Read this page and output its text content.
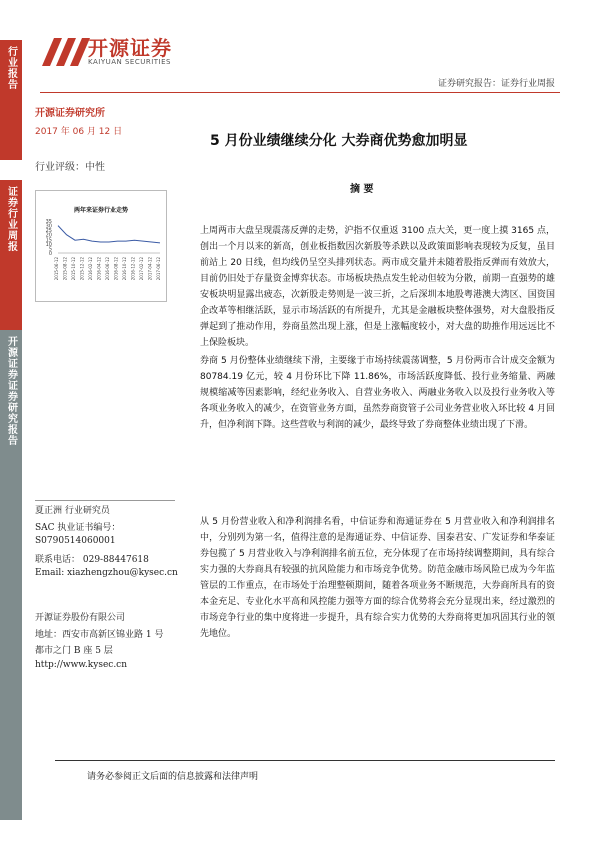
行业报告
证券行业周报
开源证券证券研究报告
开源证券
KAIYUAN SECURITIES
证券研究报告：证券行业周报
开源证券研究所
2017 年 06 月 12 日
行业评级：中性
5 月份业绩继续分化 大券商优势愈加明显
摘 要
两年来证券行业走势
35
30
25
20
15
10
5
0
2015-06-12 2015-08-12 2015-10-12 2015-12-12 2016-02-12 2016-04-12 2016-06-12 2016-08-12 2016-10-12 2016-12-12 2017-02-12 2017-04-12 2017-06-12
上周两市大盘呈现震荡反弹的走势，沪指不仅重返 3100 点大关，更一度上摸 3165 点，创出一个月以来的新高，创业板指数因次新股等杀跌以及政策面影响表现较为反复，虽目前站上 20 日线，但均线仍呈空头排列状态。两市成交量并未随着股指反弹而有效放大，目前仍旧处于存量资金博弈状态。市场板块热点发生轮动但较为分散，前期一直强势的雄安板块明显露出疲态，次新股走势则是一波三折，之后深圳本地股粤港澳大湾区、国资国企改革等相继活跃，显示市场活跃的有所提升，尤其是金融板块整体强势，对大盘股指反弹起到了推动作用，券商虽然出现上涨，但是上涨幅度较小，对大盘的助推作用远远比不上保险板块。
券商 5 月份整体业绩继续下滑，主要缘于市场持续震荡调整，5 月份两市合计成交金额为 80784.19 亿元，较 4 月份环比下降 11.86%，市场活跃度降低、投行业务缩量、两融规模缩减等因素影响，经纪业务收入、自营业务收入、两融业务收入以及投行业务收入等各项业务收入的减少，在资管业务方面，虽然券商资管子公司业务营业收入环比较 4 月回升，但净利润下降。这些营收与利润的减少，最终导致了券商整体业绩出现了下滑。
从 5 月份营业收入和净利润排名看，中信证券和海通证券在 5 月营业收入和净利润排名中，分别列为第一名，值得注意的是海通证券、中信证券、国泰君安、广发证券和华泰证券包揽了 5 月营业收入与净利润排名前五位，充分体现了在市场持续调整期间，具有综合实力强的大券商具有较强的抗风险能力和市场竞争优势。防范金融市场风险已成为今年监管层的工作重点，在市场处于治理整顿期间，随着各项业务不断规范，大券商所具有的资本金充足、专业化水平高和风控能力强等方面的综合优势将会充分显现出来，经过激烈的市场竞争行业的集中度将进一步提升，具有综合实力优势的大券商将更加巩固其行业的领先地位。
夏正洲 行业研究员
SAC 执业证书编号：
S0790514060001
联系电话： 029-88447618
Email: xiazhengzhou@kysec.cn
开源证券股份有限公司
地址：西安市高新区锦业路 1 号
都市之门 B 座 5 层
http://www.kysec.cn
请务必参阅正文后面的信息披露和法律声明
